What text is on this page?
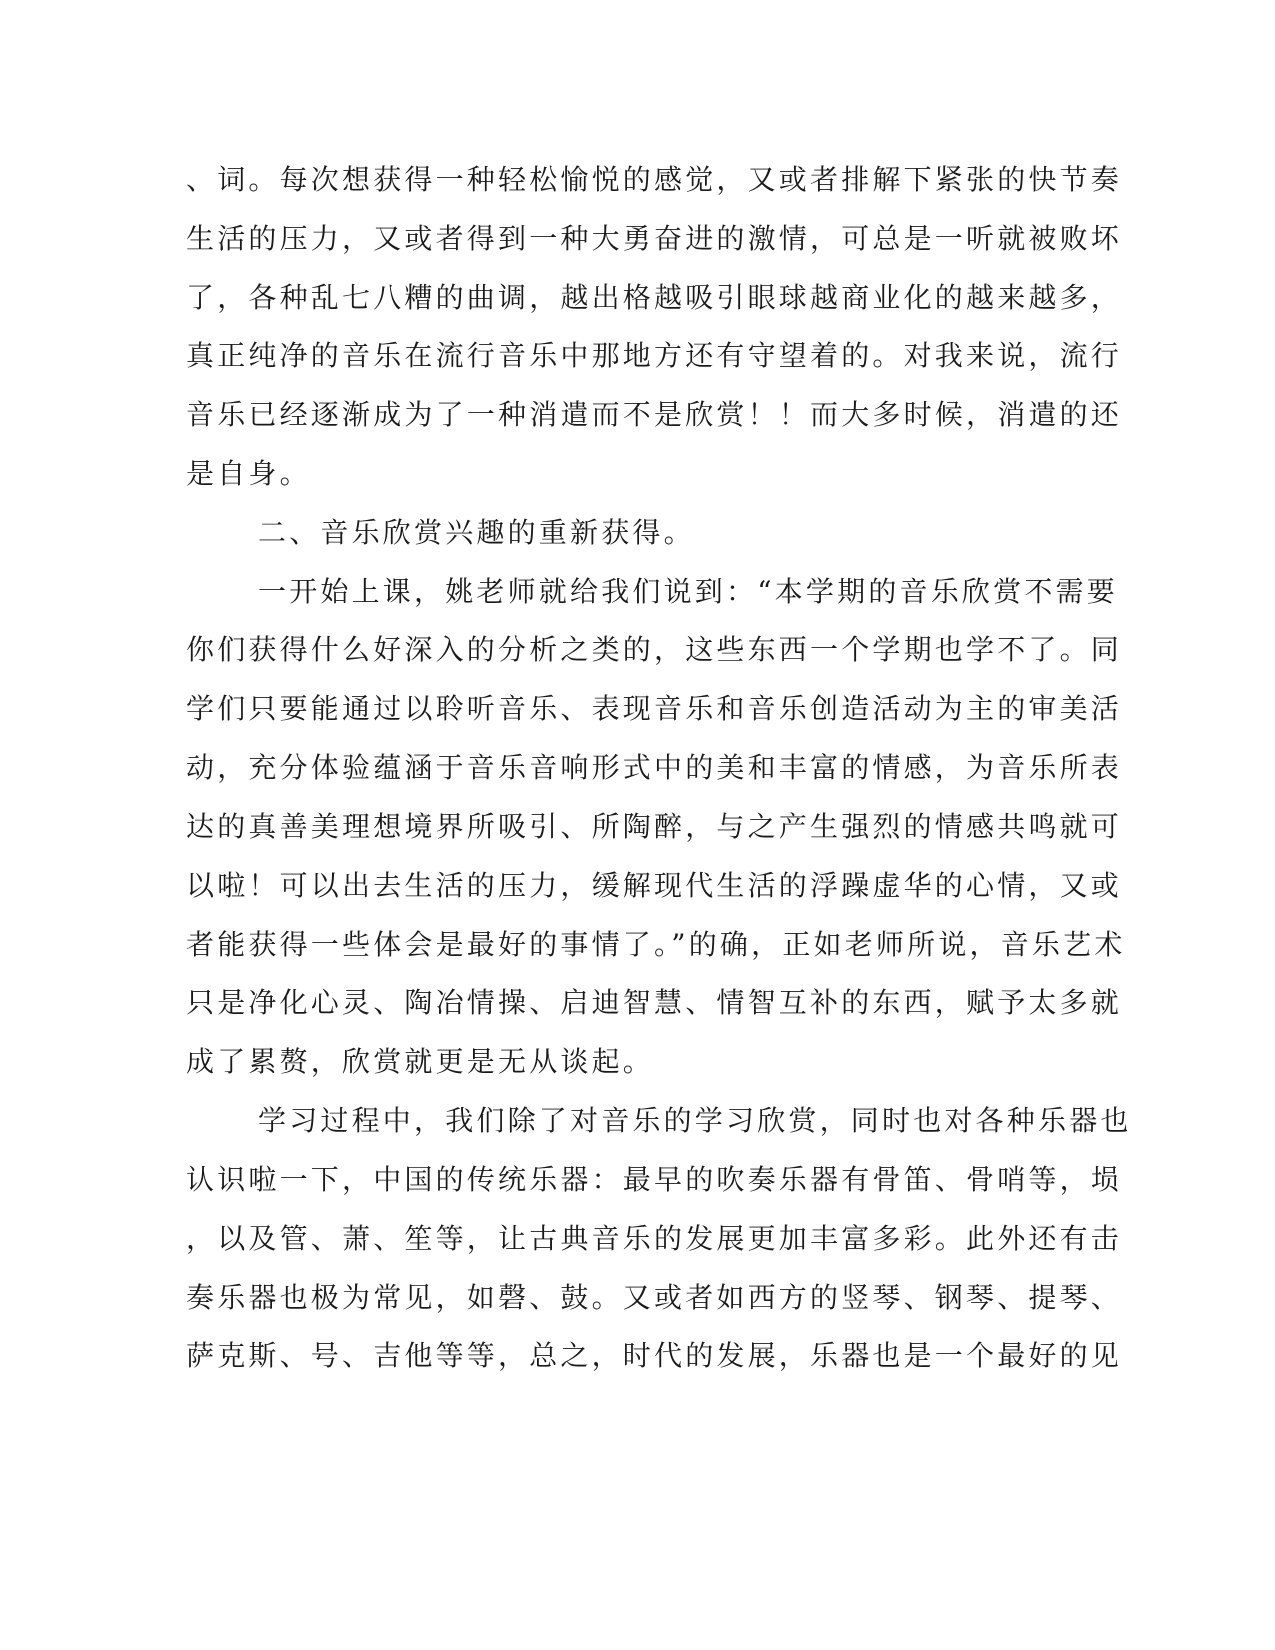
、词。每次想获得一种轻松愉悦的感觉，又或者排解下紧张的快节奏
生活的压力，又或者得到一种大勇奋进的激情，可总是一听就被败坏
了，各种乱七八糟的曲调，越出格越吸引眼球越商业化的越来越多，
真正纯净的音乐在流行音乐中那地方还有守望着的。对我来说，流行
音乐已经逐渐成为了一种消遣而不是欣赏！！而大多时候，消遣的还
是自身。
二、音乐欣赏兴趣的重新获得。
一开始上课，姚老师就给我们说到：“本学期的音乐欣赏不需要
你们获得什么好深入的分析之类的，这些东西一个学期也学不了。同
学们只要能通过以聆听音乐、表现音乐和音乐创造活动为主的审美活
动，充分体验蕴涵于音乐音响形式中的美和丰富的情感，为音乐所表
达的真善美理想境界所吸引、所陶醉，与之产生强烈的情感共鸣就可
以啦！可以出去生活的压力，缓解现代生活的浮躁虚华的心情，又或
者能获得一些体会是最好的事情了。”的确，正如老师所说，音乐艺术
只是净化心灵、陶冶情操、启迪智慧、情智互补的东西，赋予太多就
成了累赘，欣赏就更是无从谈起。
学习过程中，我们除了对音乐的学习欣赏，同时也对各种乐器也
认识啦一下，中国的传统乐器：最早的吹奏乐器有骨笛、骨哨等，埙
，以及管、萧、笙等，让古典音乐的发展更加丰富多彩。此外还有击
奏乐器也极为常见，如磬、鼓。又或者如西方的竖琴、钢琴、提琴、
萨克斯、号、吉他等等，总之，时代的发展，乐器也是一个最好的见
